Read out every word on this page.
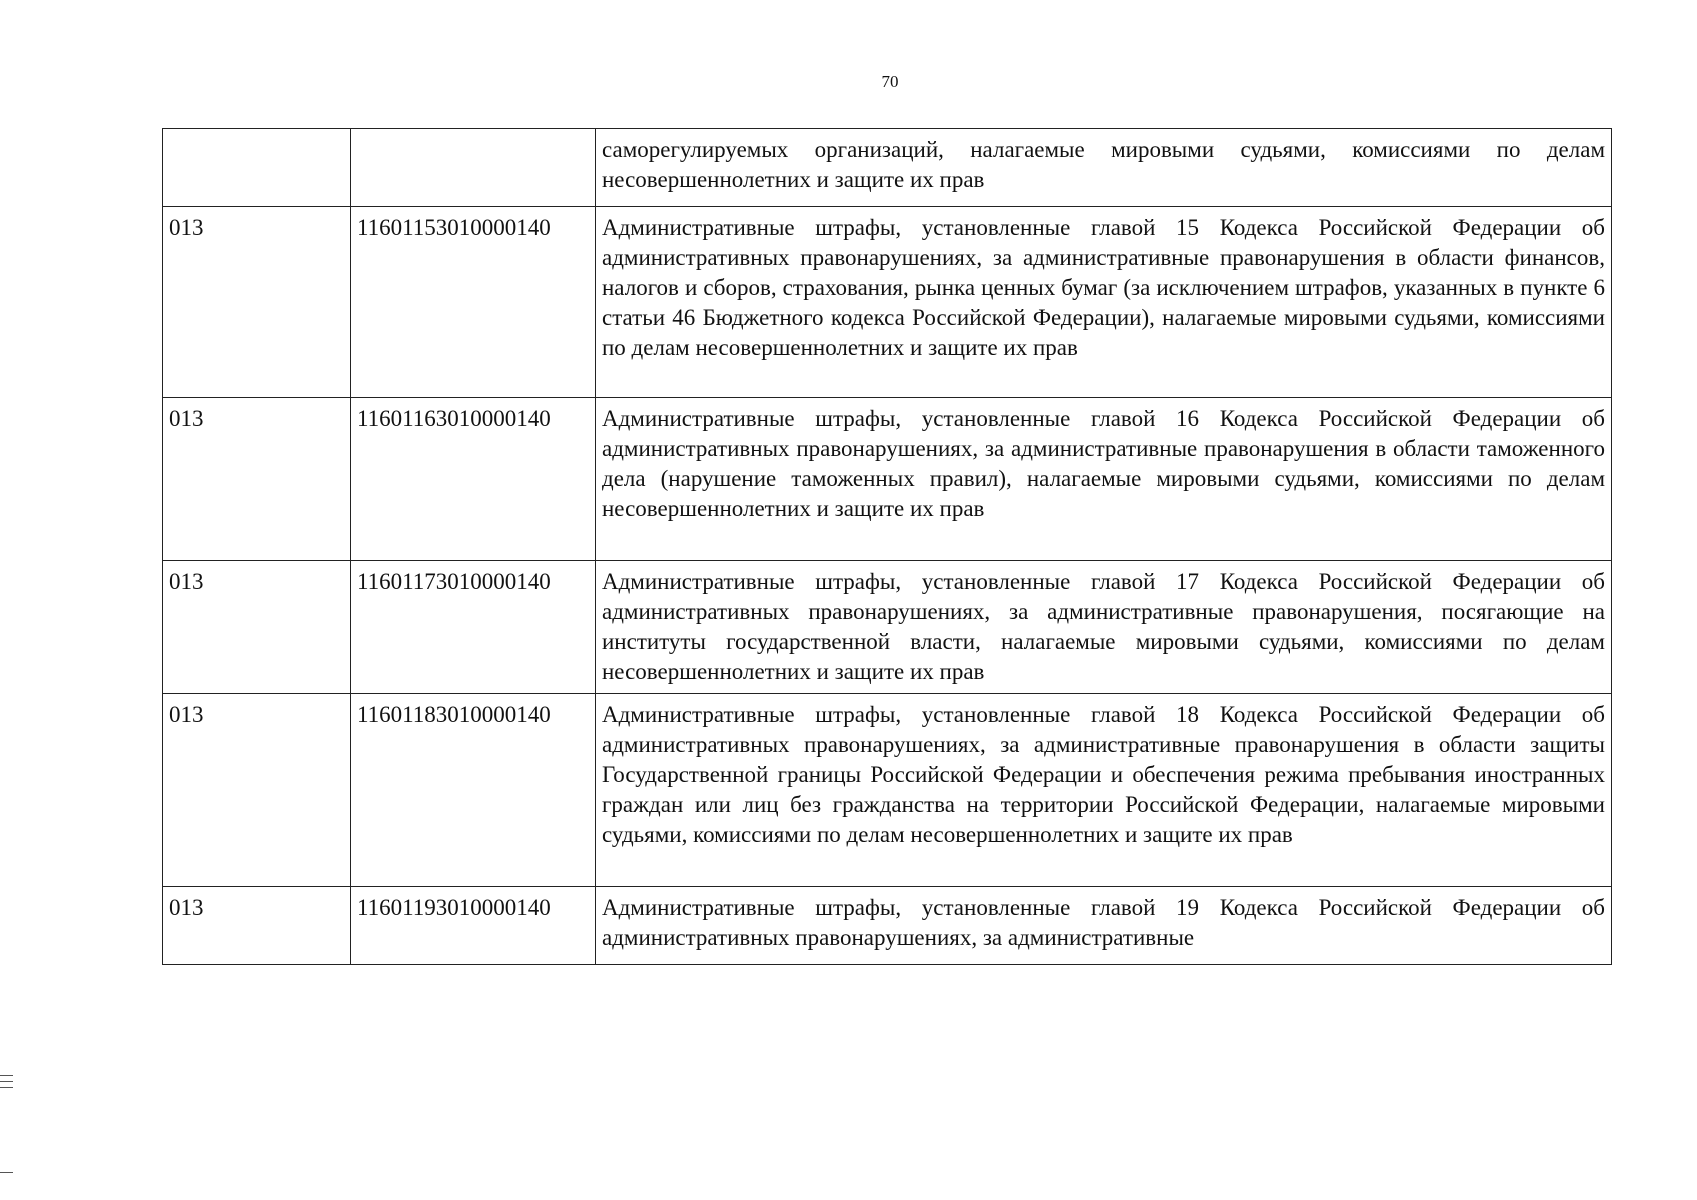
70
		саморегулируемых организаций, налагаемые мировыми судьями, комиссиями по делам несовершеннолетних и защите их прав
013	11601153010000140	Административные штрафы, установленные главой 15 Кодекса Российской Федерации об административных правонарушениях, за административные правонарушения в области финансов, налогов и сборов, страхования, рынка ценных бумаг (за исключением штрафов, указанных в пункте 6 статьи 46 Бюджетного кодекса Российской Федерации), налагаемые мировыми судьями, комиссиями по делам несовершеннолетних и защите их прав
013	11601163010000140	Административные штрафы, установленные главой 16 Кодекса Российской Федерации об административных правонарушениях, за административные правонарушения в области таможенного дела (нарушение таможенных правил), налагаемые мировыми судьями, комиссиями по делам несовершеннолетних и защите их прав
013	11601173010000140	Административные штрафы, установленные главой 17 Кодекса Российской Федерации об административных правонарушениях, за административные правонарушения, посягающие на институты государственной власти, налагаемые мировыми судьями, комиссиями по делам несовершеннолетних и защите их прав
013	11601183010000140	Административные штрафы, установленные главой 18 Кодекса Российской Федерации об административных правонарушениях, за административные правонарушения в области защиты Государственной границы Российской Федерации и обеспечения режима пребывания иностранных граждан или лиц без гражданства на территории Российской Федерации, налагаемые мировыми судьями, комиссиями по делам несовершеннолетних и защите их прав
013	11601193010000140	Административные штрафы, установленные главой 19 Кодекса Российской Федерации об административных правонарушениях, за административные
